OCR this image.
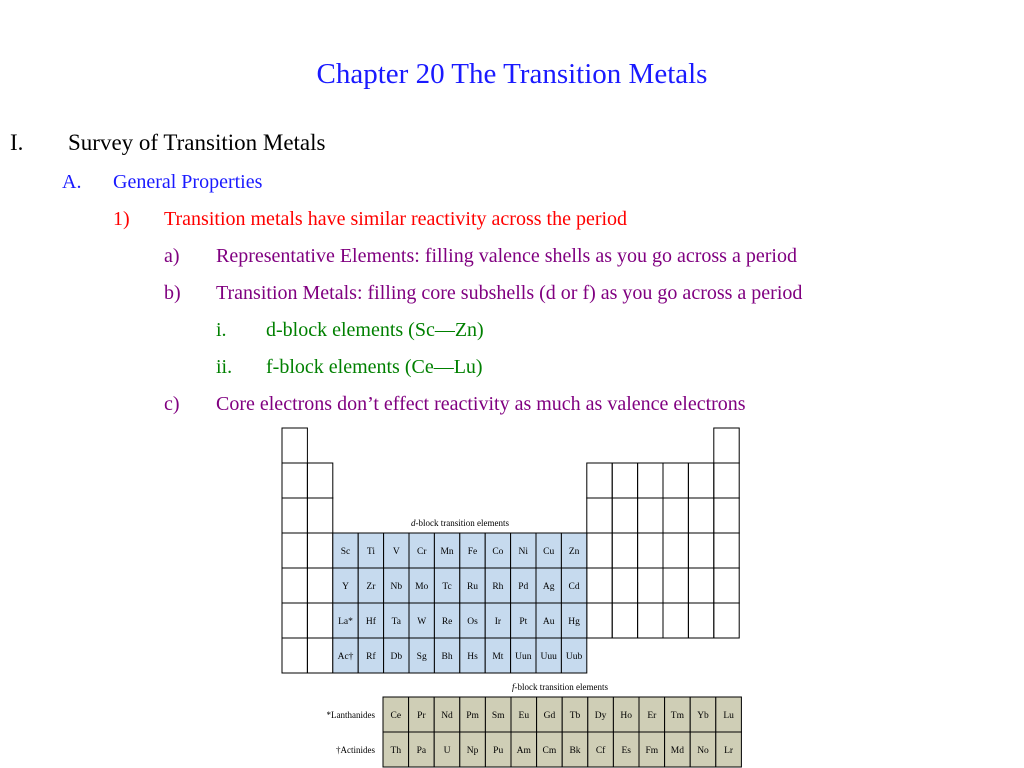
Chapter 20 The Transition Metals
I. Survey of Transition Metals
A. General Properties
1) Transition metals have similar reactivity across the period
a) Representative Elements: filling valence shells as you go across a period
b) Transition Metals: filling core subshells (d or f) as you go across a period
i. d-block elements (Sc—Zn)
ii. f-block elements (Ce—Lu)
c) Core electrons don’t effect reactivity as much as valence electrons
Sc Ti V Cr Mn Fe Co Ni Cu Zn
Y Zr Nb Mo Tc Ru Rh Pd Ag Cd
La* Hf Ta W Re Os Ir Pt Au Hg
Ac† Rf Db Sg Bh Hs Mt Uun Uuu Uub
*Lanthanides Ce Pr Nd Pm Sm Eu Gd Tb Dy Ho Er Tm Yb Lu
†Actinides Th Pa U Np Pu Am Cm Bk Cf Es Fm Md No Lr
d-block transition elements
f-block transition elements
